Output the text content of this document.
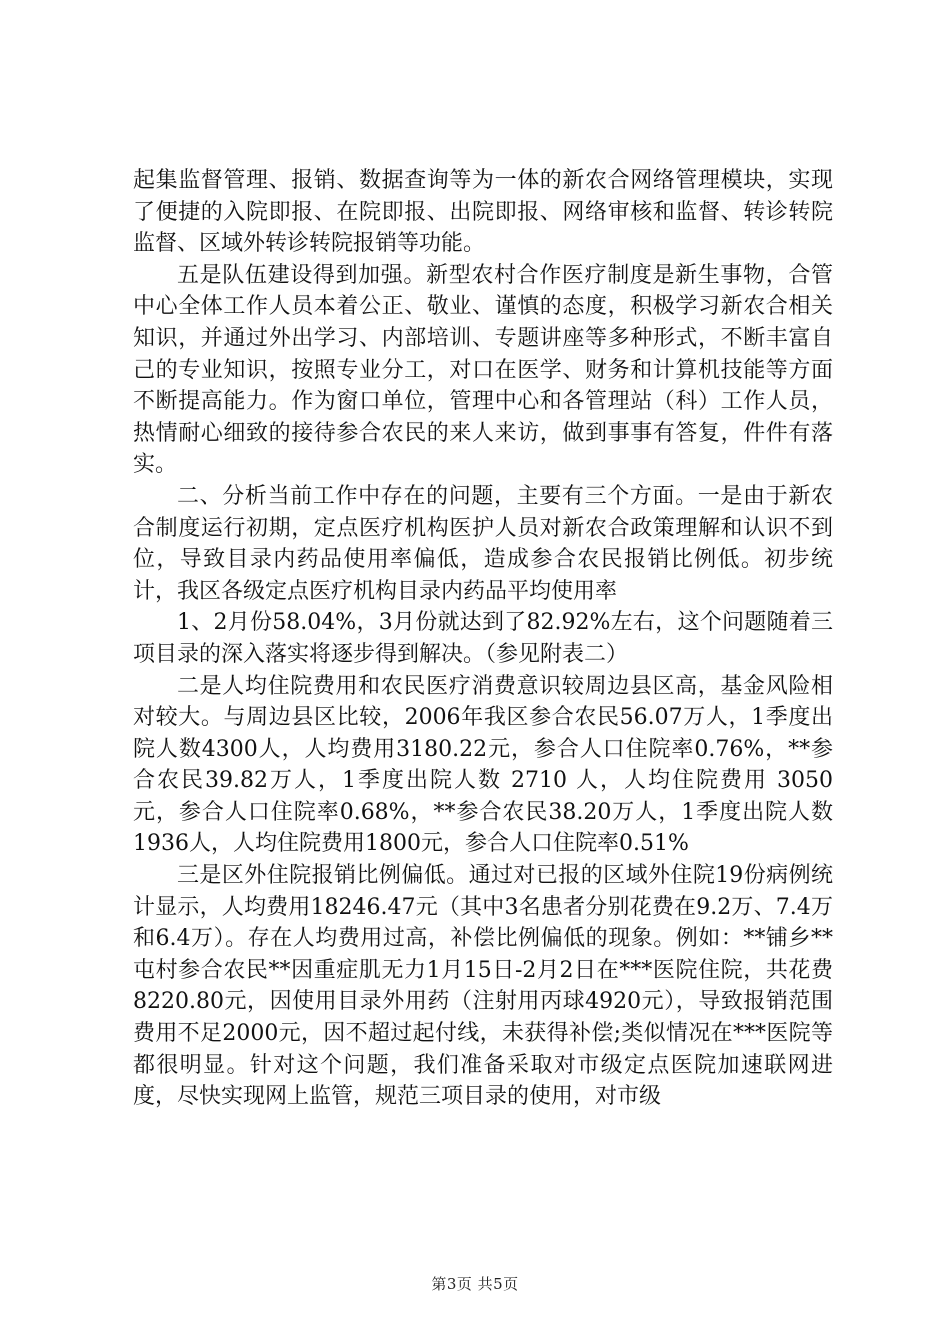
起集监督管理、报销、数据查询等为一体的新农合网络管理模块，实现了便捷的入院即报、在院即报、出院即报、网络审核和监督、转诊转院监督、区域外转诊转院报销等功能。

五是队伍建设得到加强。新型农村合作医疗制度是新生事物，合管中心全体工作人员本着公正、敬业、谨慎的态度，积极学习新农合相关知识，并通过外出学习、内部培训、专题讲座等多种形式，不断丰富自己的专业知识，按照专业分工，对口在医学、财务和计算机技能等方面不断提高能力。作为窗口单位，管理中心和各管理站（科）工作人员，热情耐心细致的接待参合农民的来人来访，做到事事有答复，件件有落实。

二、分析当前工作中存在的问题，主要有三个方面。一是由于新农合制度运行初期，定点医疗机构医护人员对新农合政策理解和认识不到位，导致目录内药品使用率偏低，造成参合农民报销比例低。初步统计，我区各级定点医疗机构目录内药品平均使用率

1、2月份58.04%，3月份就达到了82.92%左右，这个问题随着三项目录的深入落实将逐步得到解决。（参见附表二）

二是人均住院费用和农民医疗消费意识较周边县区高，基金风险相对较大。与周边县区比较，2006年我区参合农民56.07万人，1季度出院人数4300人，人均费用3180.22元，参合人口住院率0.76%，**参合农民39.82万人，1季度出院人数 2710 人，人均住院费用 3050 元，参合人口住院率0.68%，**参合农民38.20万人，1季度出院人数1936人，人均住院费用1800元，参合人口住院率0.51%

三是区外住院报销比例偏低。通过对已报的区域外住院19份病例统计显示，人均费用18246.47元（其中3名患者分别花费在9.2万、7.4万和6.4万）。存在人均费用过高，补偿比例偏低的现象。例如：**铺乡**屯村参合农民**因重症肌无力1月15日-2月2日在***医院住院，共花费8220.80元，因使用目录外用药（注射用丙球4920元），导致报销范围费用不足2000元，因不超过起付线，未获得补偿;类似情况在***医院等都很明显。针对这个问题，我们准备采取对市级定点医院加速联网进度，尽快实现网上监管，规范三项目录的使用，对市级

第3页 共5页
